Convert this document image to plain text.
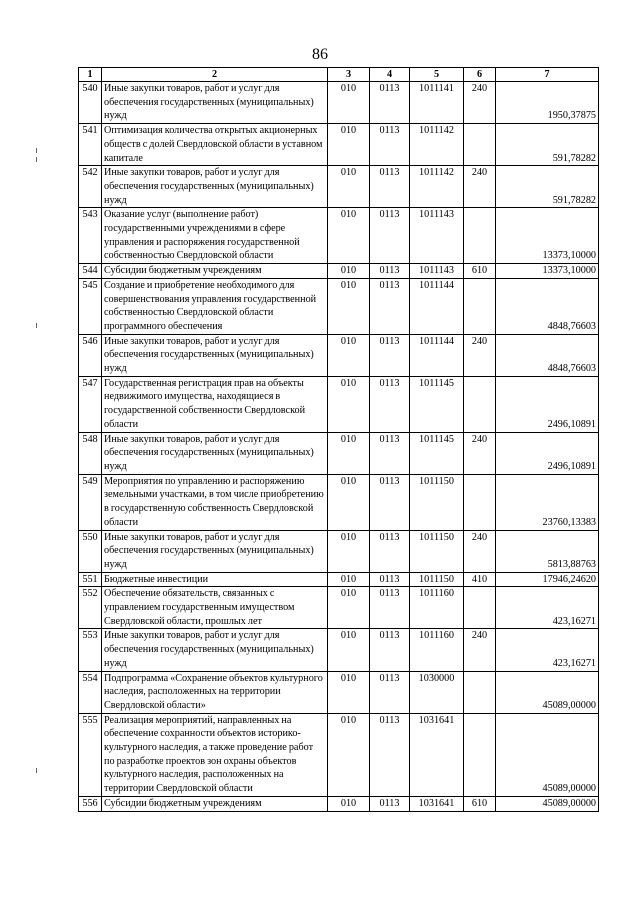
86
1	2	3	4	5	6	7
540	Иные закупки товаров, работ и услуг для обеспечения государственных (муниципальных) нужд	010	0113	1011141	240	1950,37875
541	Оптимизация количества открытых акционерных обществ с долей Свердловской области в уставном капитале	010	0113	1011142		591,78282
542	Иные закупки товаров, работ и услуг для обеспечения государственных (муниципальных) нужд	010	0113	1011142	240	591,78282
543	Оказание услуг (выполнение работ) государственными учреждениями в сфере управления и распоряжения государственной собственностью Свердловской области	010	0113	1011143		13373,10000
544	Субсидии бюджетным учреждениям	010	0113	1011143	610	13373,10000
545	Создание и приобретение необходимого для совершенствования управления государственной собственностью Свердловской области программного обеспечения	010	0113	1011144		4848,76603
546	Иные закупки товаров, работ и услуг для обеспечения государственных (муниципальных) нужд	010	0113	1011144	240	4848,76603
547	Государственная регистрация прав на объекты недвижимого имущества, находящиеся в государственной собственности Свердловской области	010	0113	1011145		2496,10891
548	Иные закупки товаров, работ и услуг для обеспечения государственных (муниципальных) нужд	010	0113	1011145	240	2496,10891
549	Мероприятия по управлению и распоряжению земельными участками, в том числе приобретению в государственную собственность Свердловской области	010	0113	1011150		23760,13383
550	Иные закупки товаров, работ и услуг для обеспечения государственных (муниципальных) нужд	010	0113	1011150	240	5813,88763
551	Бюджетные инвестиции	010	0113	1011150	410	17946,24620
552	Обеспечение обязательств, связанных с управлением государственным имуществом Свердловской области, прошлых лет	010	0113	1011160		423,16271
553	Иные закупки товаров, работ и услуг для обеспечения государственных (муниципальных) нужд	010	0113	1011160	240	423,16271
554	Подпрограмма «Сохранение объектов культурного наследия, расположенных на территории Свердловской области»	010	0113	1030000		45089,00000
555	Реализация мероприятий, направленных на обеспечение сохранности объектов историко-культурного наследия, а также проведение работ по разработке проектов зон охраны объектов культурного наследия, расположенных на территории Свердловской области	010	0113	1031641		45089,00000
556	Субсидии бюджетным учреждениям	010	0113	1031641	610	45089,00000
